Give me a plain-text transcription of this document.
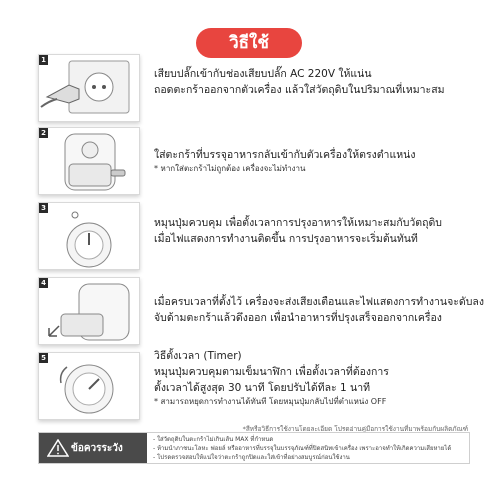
วิธีใช้
1
เสียบปลั๊กเข้ากับช่องเสียบปลั๊ก AC 220V ให้แน่น
ถอดตะกร้าออกจากตัวเครื่อง แล้วใส่วัตถุดิบในปริมาณที่เหมาะสม
2
ใส่ตะกร้าที่บรรจุอาหารกลับเข้ากับตัวเครื่องให้ตรงตำแหน่ง
* หากใส่ตะกร้าไม่ถูกต้อง เครื่องจะไม่ทำงาน
3
หมุนปุ่มควบคุม เพื่อตั้งเวลาการปรุงอาหารให้เหมาะสมกับวัตถุดิบ
เมื่อไฟแสดงการทำงานติดขึ้น การปรุงอาหารจะเริ่มต้นทันที
4
เมื่อครบเวลาที่ตั้งไว้ เครื่องจะส่งเสียงเตือนและไฟแสดงการทำงานจะดับลง
จับด้ามตะกร้าแล้วดึงออก เพื่อนำอาหารที่ปรุงเสร็จออกจากเครื่อง
5	วิธีตั้งเวลา (Timer)
หมุนปุ่มควบคุมตามเข็มนาฬิกา เพื่อตั้งเวลาที่ต้องการ
ตั้งเวลาได้สูงสุด 30 นาที โดยปรับได้ทีละ 1 นาที
* สามารถหยุดการทำงานได้ทันที โดยหมุนปุ่มกลับไปที่ตำแหน่ง OFF
*สีหรือวิธีการใช้งานโดยละเอียด โปรดอ่านคู่มือการใช้งานที่มาพร้อมกับผลิตภัณฑ์
ข้อควรระวัง
- ใส่วัตถุดิบในตะกร้าไม่เกินเส้น MAX ที่กำหนด
- ห้ามนำภาชนะโลหะ ฟอยล์ หรืออาหารที่บรรจุในบรรจุภัณฑ์ที่ปิดสนิทเข้าเครื่อง เพราะอาจทำให้เกิดความเสียหายได้
- โปรดตรวจสอบให้แน่ใจว่าตะกร้าถูกปิดและใส่เข้าที่อย่างสมบูรณ์ก่อนใช้งาน
